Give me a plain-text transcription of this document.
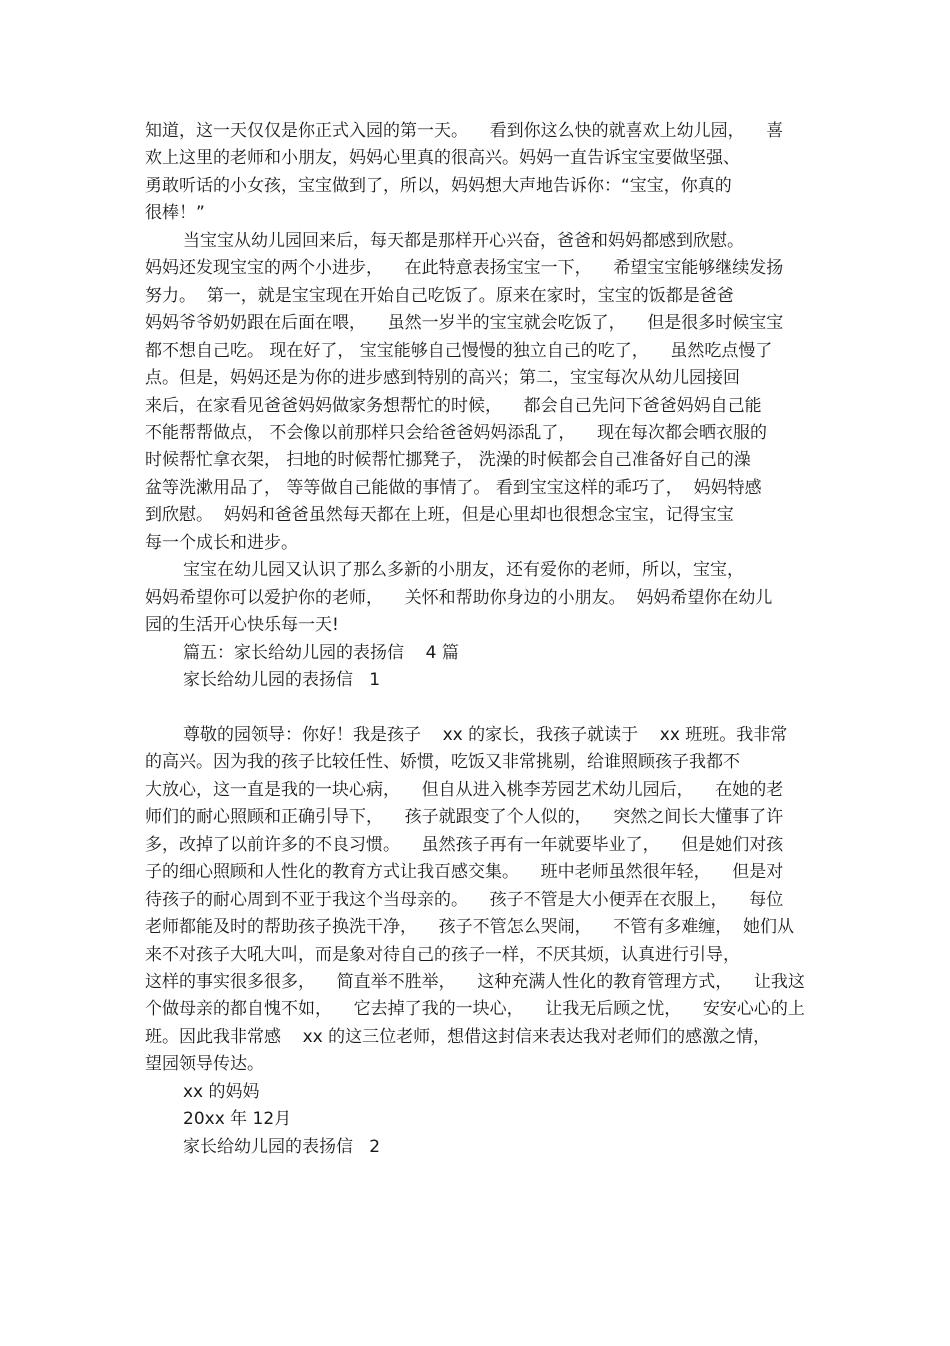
知道，这一天仅仅是你正式入园的第一天。    看到你这么快的就喜欢上幼儿园，    喜
欢上这里的老师和小朋友，妈妈心里真的很高兴。妈妈一直告诉宝宝要做坚强、
勇敢听话的小女孩，宝宝做到了，所以，妈妈想大声地告诉你：“宝宝，你真的
很棒！”
当宝宝从幼儿园回来后，每天都是那样开心兴奋，爸爸和妈妈都感到欣慰。
妈妈还发现宝宝的两个小进步，    在此特意表扬宝宝一下，    希望宝宝能够继续发扬
努力。  第一，就是宝宝现在开始自己吃饭了。原来在家时，宝宝的饭都是爸爸
妈妈爷爷奶奶跟在后面在喂，    虽然一岁半的宝宝就会吃饭了，    但是很多时候宝宝
都不想自己吃。 现在好了， 宝宝能够自己慢慢的独立自己的吃了，    虽然吃点慢了
点。但是，妈妈还是为你的进步感到特别的高兴；第二，宝宝每次从幼儿园接回
来后，在家看见爸爸妈妈做家务想帮忙的时候，    都会自己先问下爸爸妈妈自己能
不能帮帮做点， 不会像以前那样只会给爸爸妈妈添乱了，    现在每次都会晒衣服的
时候帮忙拿衣架， 扫地的时候帮忙挪凳子， 洗澡的时候都会自己准备好自己的澡
盆等洗漱用品了， 等等做自己能做的事情了。 看到宝宝这样的乖巧了，  妈妈特感
到欣慰。  妈妈和爸爸虽然每天都在上班，但是心里却也很想念宝宝，记得宝宝
每一个成长和进步。
宝宝在幼儿园又认识了那么多新的小朋友，还有爱你的老师，所以，宝宝，
妈妈希望你可以爱护你的老师，    关怀和帮助你身边的小朋友。  妈妈希望你在幼儿
园的生活开心快乐每一天!
篇五：家长给幼儿园的表扬信    4 篇
家长给幼儿园的表扬信   1
尊敬的园领导：你好！我是孩子    xx 的家长，我孩子就读于    xx 班班。我非常
的高兴。因为我的孩子比较任性、娇惯，吃饭又非常挑剔，给谁照顾孩子我都不
大放心，这一直是我的一块心病，    但自从进入桃李芳园艺术幼儿园后，    在她的老
师们的耐心照顾和正确引导下，    孩子就跟变了个人似的，    突然之间长大懂事了许
多，改掉了以前许多的不良习惯。    虽然孩子再有一年就要毕业了，    但是她们对孩
子的细心照顾和人性化的教育方式让我百感交集。    班中老师虽然很年轻，    但是对
待孩子的耐心周到不亚于我这个当母亲的。    孩子不管是大小便弄在衣服上，    每位
老师都能及时的帮助孩子换洗干净，    孩子不管怎么哭闹，    不管有多难缠，  她们从
来不对孩子大吼大叫，而是象对待自己的孩子一样，不厌其烦，认真进行引导，
这样的事实很多很多，    简直举不胜举，    这种充满人性化的教育管理方式，    让我这
个做母亲的都自愧不如，    它去掉了我的一块心，    让我无后顾之忧，    安安心心的上
班。因此我非常感    xx 的这三位老师，想借这封信来表达我对老师们的感激之情，
望园领导传达。
xx 的妈妈
20xx 年 12月
家长给幼儿园的表扬信   2
